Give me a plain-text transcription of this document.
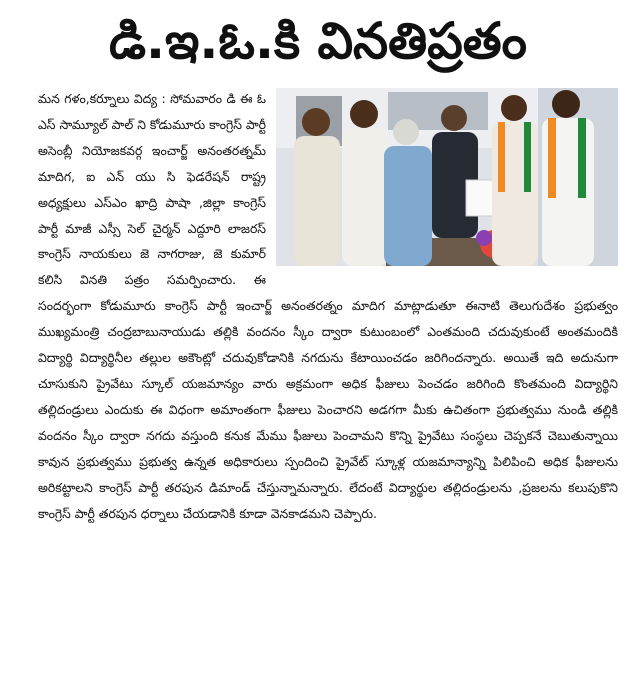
డి.ఇ.ఓ.కి వినతిప్రతం

మన గళం,కర్నూలు విద్య : సోమవారం డి ఈ ఓ ఎస్ సామ్యూల్ పాల్ ని కోడుమూరు కాంగ్రెస్ పార్టీ అసెంబ్లీ నియోజకవర్గ ఇంచార్జ్ అనంతరత్నమ్ మాదిగ, ఐ ఎన్ యు సి ఫెడరేషన్ రాష్ట్ర అధ్యక్షులు ఎస్ఎం ఖాద్రి పాషా ,జిల్లా కాంగ్రెస్ పార్టీ మాజీ ఎస్సీ సెల్ చైర్మన్ ఎద్దూరి లాజరస్ కాంగ్రెస్ నాయకులు జె నాగరాజు, జె కుమార్ కలిసి వినతి పత్రం సమర్పించారు. ఈ సందర్భంగా కోడుమూరు కాంగ్రెస్ పార్టీ ఇంచార్జ్ అనంతరత్నం మాదిగ మాట్లాడుతూ ఈనాటి తెలుగుదేశం ప్రభుత్వం ముఖ్యమంత్రి చంద్రబాబునాయుడు తల్లికి వందనం స్కీం ద్వారా కుటుంబంలో ఎంతమంది చదువుకుంటే అంతమందికి విద్యార్థి విద్యార్థినీల తల్లుల అకౌంట్లో చదువుకోడానికి నగదును కేటాయించడం జరిగిందన్నారు. అయితే ఇది అదునుగా చూసుకుని ప్రైవేటు స్కూల్ యజమాన్యం వారు అక్రమంగా అధిక ఫీజులు పెంచడం జరిగింది కొంతమంది విద్యార్థిని తల్లిదండ్రులు ఎందుకు ఈ విధంగా అమాంతంగా ఫీజులు పెంచారని అడగగా మీకు ఉచితంగా ప్రభుత్వము నుండి తల్లికి వందనం స్కీం ద్వారా నగదు వస్తుంది కనుక మేము ఫీజులు పెంచామని కొన్ని ప్రైవేటు సంస్థలు చెప్పకనే చెబుతున్నాయి కావున ప్రభుత్వము ప్రభుత్వ ఉన్నత అధికారులు స్పందించి ప్రైవేట్ స్కూళ్ల యజమాన్యాన్ని పిలిపించి అధిక ఫీజులను అరికట్టాలని కాంగ్రెస్ పార్టీ తరపున డిమాండ్ చేస్తున్నామన్నారు. లేదంటే విద్యార్థుల తల్లిదండ్రులను ,ప్రజలను కలుపుకొని కాంగ్రెస్ పార్టీ తరపున ధర్నాలు చేయడానికి కూడా వెనకాడమని చెప్పారు.
